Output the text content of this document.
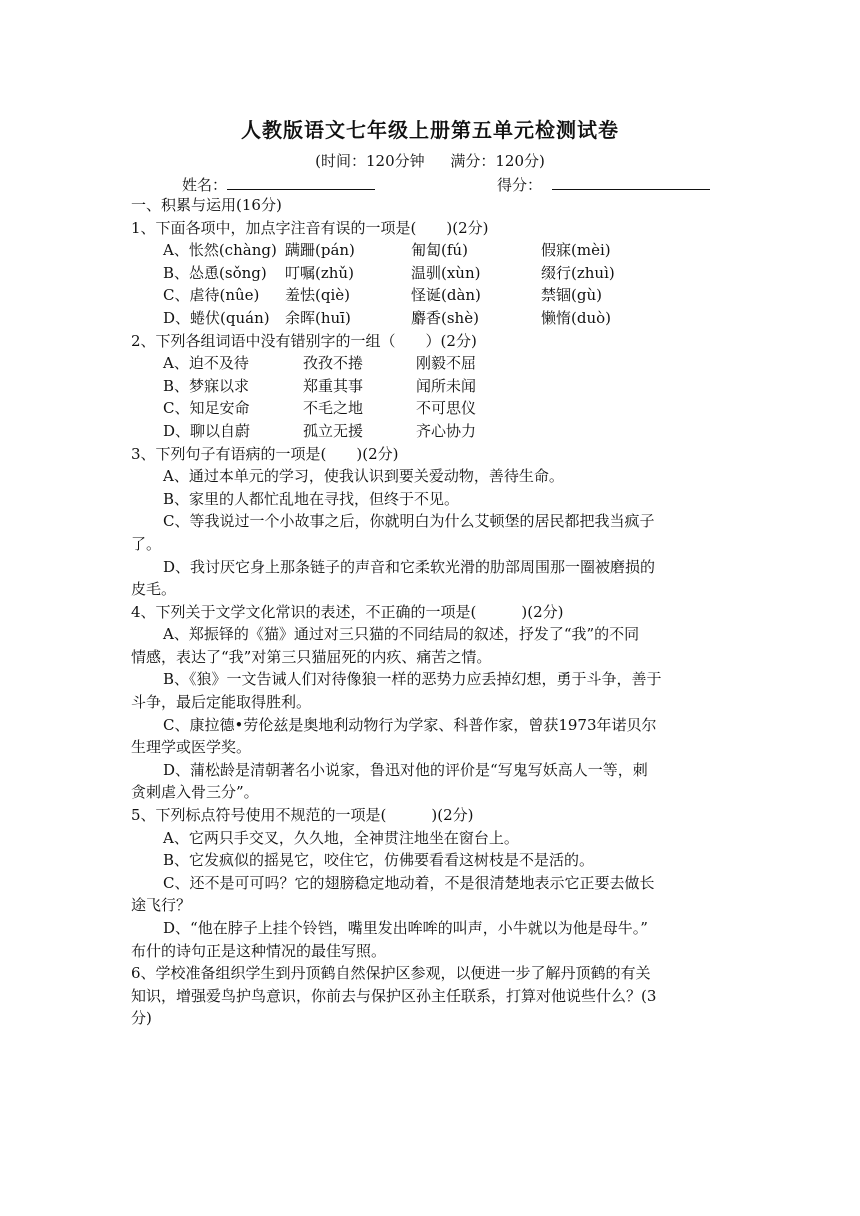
人教版语文七年级上册第五单元检测试卷
(时间：120分钟　 满分：120分)
姓名：	得分：
一、积累与运用(16分)
1、下面各项中，加点字注音有误的一项是(　　)(2分)
A、怅然(chàng) 蹒跚(pán)	匍匐(fú)	假寐(mèi)
B、怂恿(sǒng) 叮嘱(zhǔ)	温驯(xùn)	缀行(zhuì)
C、虐待(nûe) 羞怯(qiè)	怪诞(dàn)	禁锢(gù)
D、蜷伏(quán) 余晖(huī)	麝香(shè)	懒惰(duò)
2、下列各组词语中没有错别字的一组（　　）(2分)
A、迫不及待	孜孜不捲	刚毅不屈
B、梦寐以求	郑重其事	闻所未闻
C、知足安命	不毛之地	不可思仪
D、聊以自蔚	孤立无援	齐心协力
3、下列句子有语病的一项是(　　)(2分)
A、通过本单元的学习，使我认识到要关爱动物，善待生命。
B、家里的人都忙乱地在寻找，但终于不见。
C、等我说过一个小故事之后，你就明白为什么艾顿堡的居民都把我当疯子
了。
D、我讨厌它身上那条链子的声音和它柔软光滑的肋部周围那一圈被磨损的
皮毛。
4、下列关于文学文化常识的表述，不正确的一项是(　　　)(2分)
A、郑振铎的《猫》通过对三只猫的不同结局的叙述，抒发了“我”的不同
情感，表达了“我”对第三只猫屈死的内疚、痛苦之情。
B、《狼》一文告诫人们对待像狼一样的恶势力应丢掉幻想，勇于斗争，善于
斗争，最后定能取得胜利。
C、康拉德•劳伦兹是奥地利动物行为学家、科普作家，曾获1973年诺贝尔
生理学或医学奖。
D、蒲松龄是清朝著名小说家，鲁迅对他的评价是“写鬼写妖高人一等，刺
贪刺虐入骨三分”。
5、下列标点符号使用不规范的一项是(　　　)(2分)
A、它两只手交叉，久久地，全神贯注地坐在窗台上。
B、它发疯似的摇晃它，咬住它，仿佛要看看这树枝是不是活的。
C、还不是可可吗？它的翅膀稳定地动着，不是很清楚地表示它正要去做长
途飞行？
D、“他在脖子上挂个铃铛，嘴里发出哞哞的叫声，小牛就以为他是母牛。”
布什的诗句正是这种情况的最佳写照。
6、学校准备组织学生到丹顶鹤自然保护区参观，以便进一步了解丹顶鹤的有关
知识，增强爱鸟护鸟意识，你前去与保护区孙主任联系，打算对他说些什么？(3
分)
